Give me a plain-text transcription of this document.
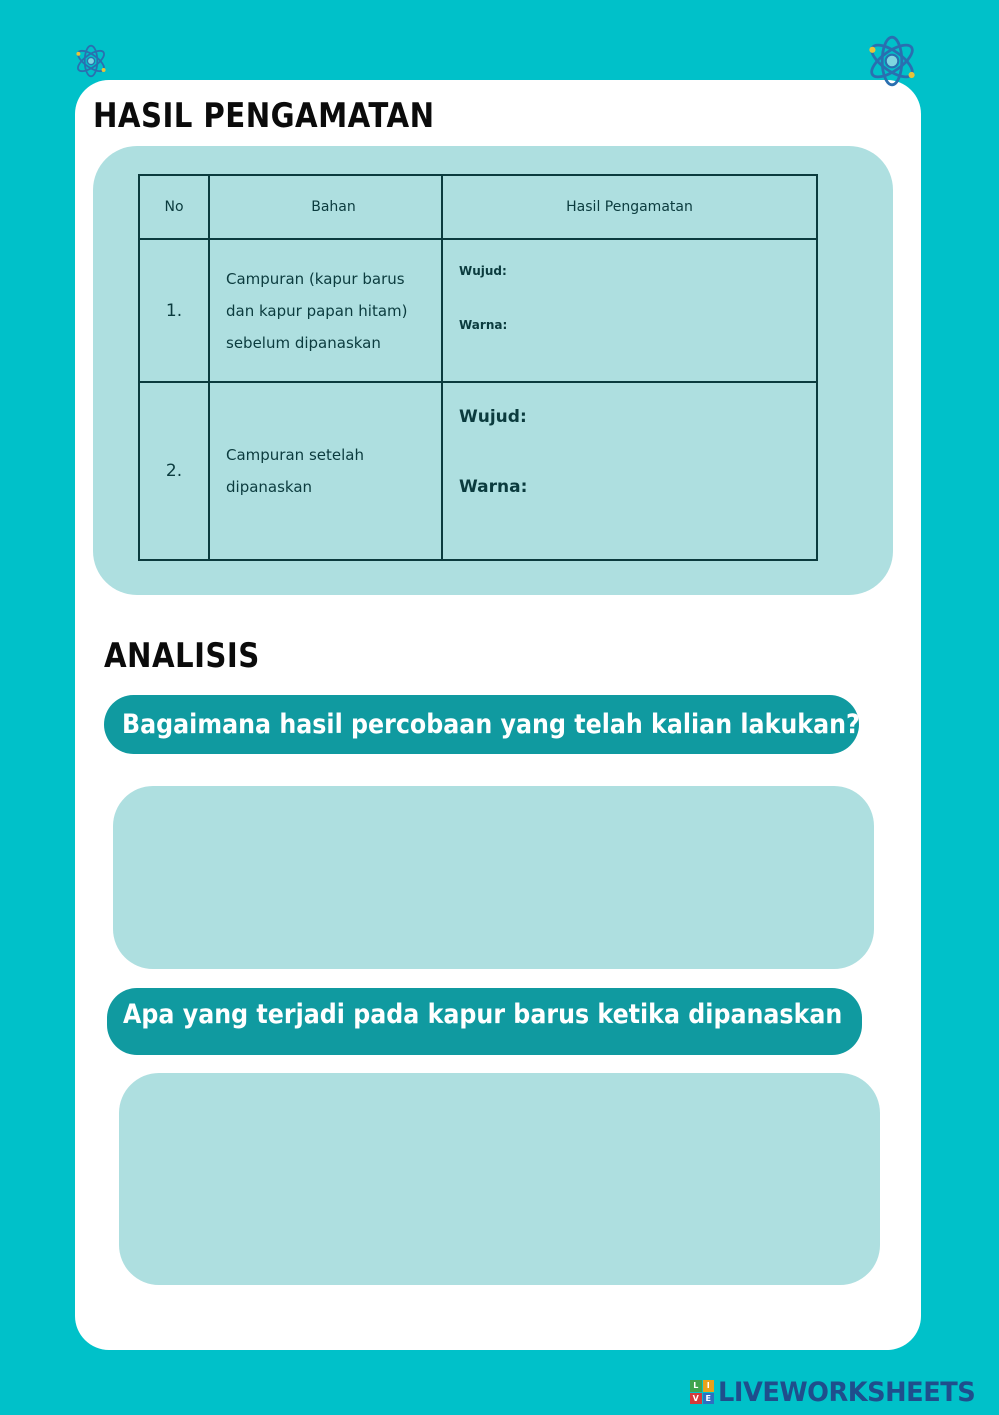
HASIL PENGAMATAN
No	Bahan	Hasil Pengamatan
1.	Campuran (kapur barus
dan kapur papan hitam)
sebelum dipanaskan	Wujud:
Warna:

2.	Campuran setelah
dipanaskan	Wujud:
Warna:
ANALISIS
Bagaimana hasil percobaan yang telah kalian lakukan?
Apa yang terjadi pada kapur barus ketika dipanaskan
L	I
V E LIVEWORKSHEETS
